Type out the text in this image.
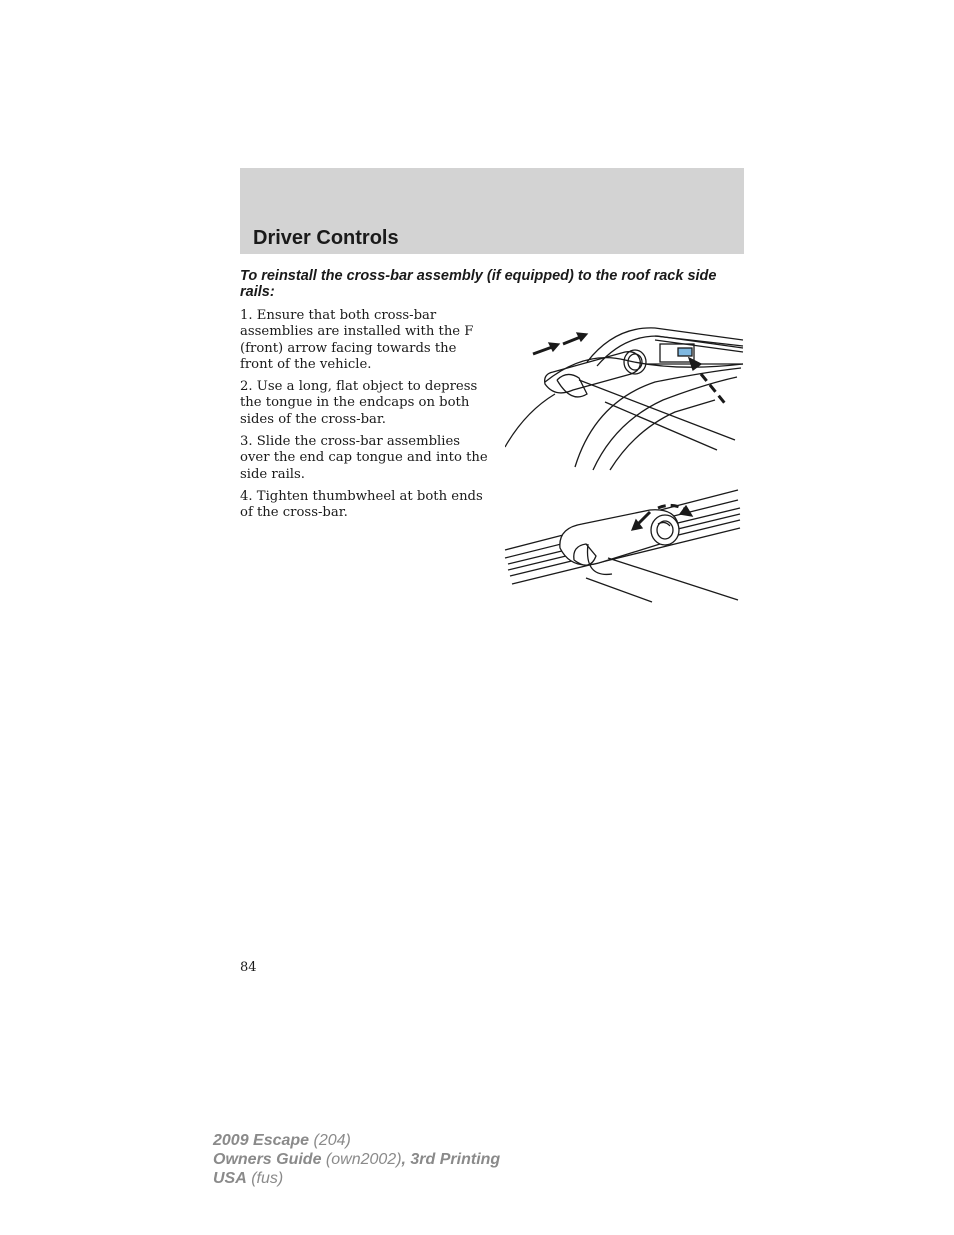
Driver Controls
To reinstall the cross-bar assembly (if equipped) to the roof rack side rails:

1. Ensure that both cross-bar assemblies are installed with the F (front) arrow facing towards the front of the vehicle.

2. Use a long, flat object to depress the tongue in the endcaps on both sides of the cross-bar.

3. Slide the cross-bar assemblies over the end cap tongue and into the side rails.

4. Tighten thumbwheel at both ends of the cross-bar.

84
2009 Escape (204)
Owners Guide (own2002), 3rd Printing
USA (fus)
